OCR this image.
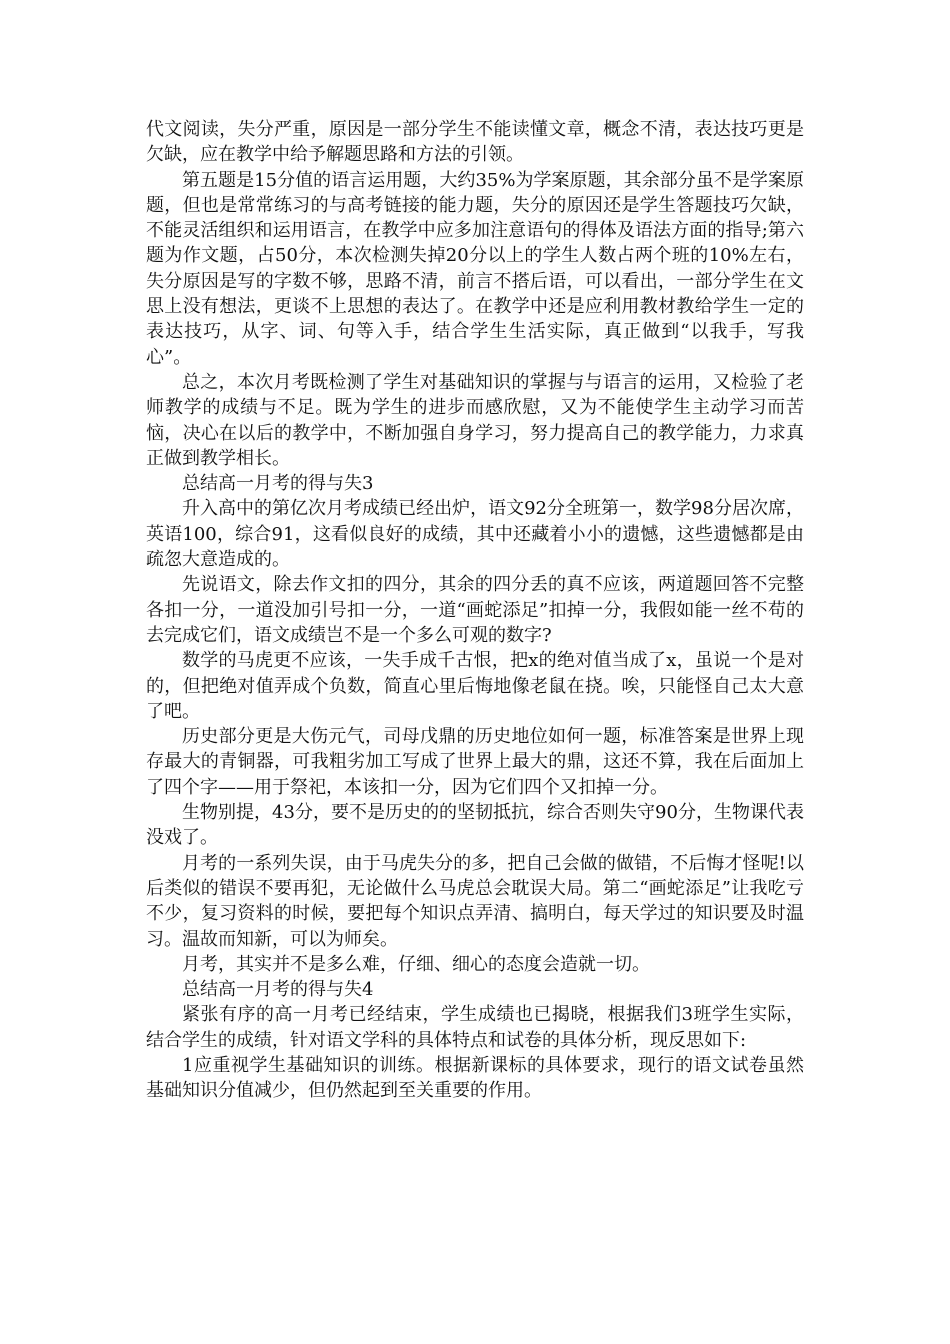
代文阅读，失分严重，原因是一部分学生不能读懂文章，概念不清，表达技巧更是欠缺，应在教学中给予解题思路和方法的引领。

第五题是15分值的语言运用题，大约35%为学案原题，其余部分虽不是学案原题，但也是常常练习的与高考链接的能力题，失分的原因还是学生答题技巧欠缺，不能灵活组织和运用语言，在教学中应多加注意语句的得体及语法方面的指导;第六题为作文题，占50分，本次检测失掉20分以上的学生人数占两个班的10%左右，失分原因是写的字数不够，思路不清，前言不搭后语，可以看出，一部分学生在文思上没有想法，更谈不上思想的表达了。在教学中还是应利用教材教给学生一定的表达技巧，从字、词、句等入手，结合学生生活实际，真正做到“以我手，写我心”。

总之，本次月考既检测了学生对基础知识的掌握与与语言的运用，又检验了老师教学的成绩与不足。既为学生的进步而感欣慰，又为不能使学生主动学习而苦恼，决心在以后的教学中，不断加强自身学习，努力提高自己的教学能力，力求真正做到教学相长。

总结高一月考的得与失3

升入高中的第亿次月考成绩已经出炉，语文92分全班第一，数学98分居次席，英语100，综合91，这看似良好的成绩，其中还藏着小小的遗憾，这些遗憾都是由疏忽大意造成的。

先说语文，除去作文扣的四分，其余的四分丢的真不应该，两道题回答不完整各扣一分，一道没加引号扣一分，一道“画蛇添足”扣掉一分，我假如能一丝不苟的去完成它们，语文成绩岂不是一个多么可观的数字?

数学的马虎更不应该，一失手成千古恨，把x的绝对值当成了x，虽说一个是对的，但把绝对值弄成个负数，简直心里后悔地像老鼠在挠。唉，只能怪自己太大意了吧。

历史部分更是大伤元气，司母戊鼎的历史地位如何一题，标准答案是世界上现存最大的青铜器，可我粗劣加工写成了世界上最大的鼎，这还不算，我在后面加上了四个字——用于祭祀，本该扣一分，因为它们四个又扣掉一分。

生物别提，43分，要不是历史的的坚韧抵抗，综合否则失守90分，生物课代表没戏了。

月考的一系列失误，由于马虎失分的多，把自己会做的做错，不后悔才怪呢!以后类似的错误不要再犯，无论做什么马虎总会耽误大局。第二“画蛇添足”让我吃亏不少，复习资料的时候，要把每个知识点弄清、搞明白，每天学过的知识要及时温习。温故而知新，可以为师矣。

月考，其实并不是多么难，仔细、细心的态度会造就一切。

总结高一月考的得与失4

紧张有序的高一月考已经结束，学生成绩也已揭晓，根据我们3班学生实际，结合学生的成绩，针对语文学科的具体特点和试卷的具体分析，现反思如下:

1应重视学生基础知识的训练。根据新课标的具体要求，现行的语文试卷虽然基础知识分值减少，但仍然起到至关重要的作用。
